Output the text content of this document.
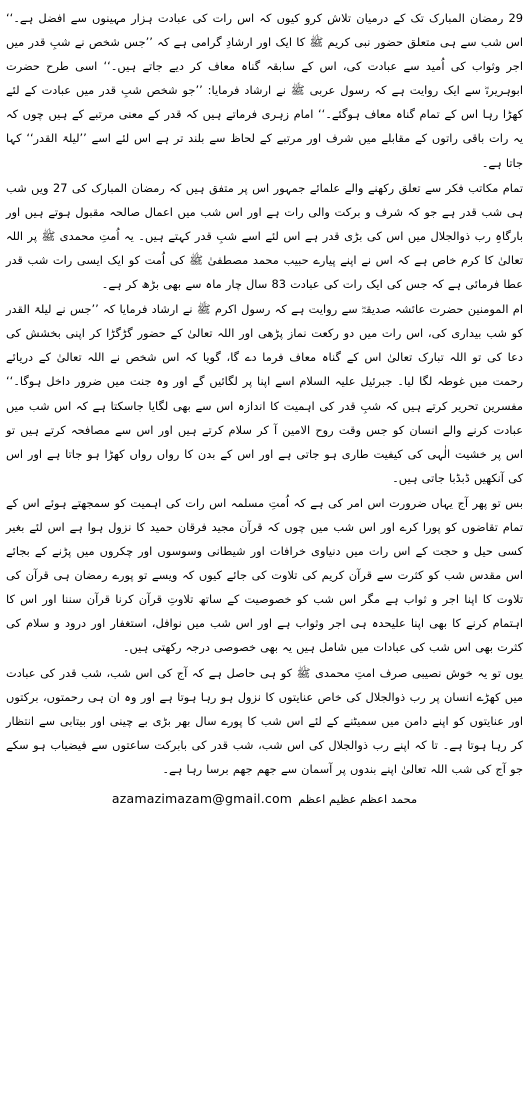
29 رمضان المبارک تک کے درمیان تلاش کرو کیوں کہ اس رات کی عبادت ہزار مہینوں سے افضل ہے۔‘‘ اس شب سے ہی متعلق حضور نبی کریم ﷺ کا ایک اور ارشادِ گرامی ہے کہ ’’جس شخص نے شبِ قدر میں اجر وثواب کی اُمید سے عبادت کی، اس کے سابقہ گناہ معاف کر دیے جاتے ہیں۔‘‘ اسی طرح حضرت ابوہریرہؓ سے ایک روایت ہے کہ رسول عربی ﷺ نے ارشاد فرمایا: ’’جو شخص شبِ قدر میں عبادت کے لئے کھڑا رہا اس کے تمام گناہ معاف ہوگئے۔‘‘ امام زہری فرماتے ہیں کہ قدر کے معنی مرتبے کے ہیں چوں کہ یہ رات باقی راتوں کے مقابلے میں شرف اور مرتبے کے لحاظ سے بلند تر ہے اس لئے اسے ’’لیلۃ القدر‘‘ کہا جاتا ہے۔

تمام مکاتب فکر سے تعلق رکھنے والے علمائے جمہور اس پر متفق ہیں کہ رمضان المبارک کی 27 ویں شب ہی شب قدر ہے جو کہ شرف و برکت والی رات ہے اور اس شب میں اعمال صالحہ مقبول ہوتے ہیں اور بارگاہِ رب ذوالجلال میں اس کی بڑی قدر ہے اس لئے اسے شبِ قدر کہتے ہیں۔ یہ اُمتِ محمدی ﷺ پر اللہ تعالیٰ کا کرم خاص ہے کہ اس نے اپنے پیارے حبیب محمد مصطفیٰ ﷺ کی اُمت کو ایک ایسی رات شب قدر عطا فرمائی ہے کہ جس کی ایک رات کی عبادت 83 سال چار ماہ سے بھی بڑھ کر ہے۔

ام المومنین حضرت عائشہ صدیقہؓ سے روایت ہے کہ رسول اکرم ﷺ نے ارشاد فرمایا کہ ’’جس نے لیلۃ القدر کو شب بیداری کی، اس رات میں دو رکعت نماز پڑھی اور اللہ تعالیٰ کے حضور گڑگڑا کر اپنی بخشش کی دعا کی تو اللہ تبارک تعالیٰ اس کے گناہ معاف فرما دے گا، گویا کہ اس شخص نے اللہ تعالیٰ کے دریائے رحمت میں غوطہ لگا لیا۔ جبرئیل علیہ السلام اسے اپنا پر لگائیں گے اور وہ جنت میں ضرور داخل ہوگا۔‘‘ مفسرین تحریر کرتے ہیں کہ شبِ قدر کی اہمیت کا اندازہ اس سے بھی لگایا جاسکتا ہے کہ اس شب میں عبادت کرنے والے انسان کو جس وقت روح الامین آ کر سلام کرتے ہیں اور اس سے مصافحہ کرتے ہیں تو اس پر خشیت الٰہی کی کیفیت طاری ہو جاتی ہے اور اس کے بدن کا رواں رواں کھڑا ہو جاتا ہے اور اس کی آنکھیں ڈبڈبا جاتی ہیں۔

بس تو پھر آج یہاں ضرورت اس امر کی ہے کہ اُمتِ مسلمہ اس رات کی اہمیت کو سمجھتے ہوئے اس کے تمام تقاضوں کو پورا کرے اور اس شب میں چوں کہ قرآن مجید فرقان حمید کا نزول ہوا ہے اس لئے بغیر کسی حیل و حجت کے اس رات میں دنیاوی خرافات اور شیطانی وسوسوں اور چکروں میں پڑنے کے بجائے اس مقدس شب کو کثرت سے قرآن کریم کی تلاوت کی جائے کیوں کہ ویسے تو پورے رمضان ہی قرآن کی تلاوت کا اپنا اجر و ثواب ہے مگر اس شب کو خصوصیت کے ساتھ تلاوتِ قرآن کرنا قرآن سننا اور اس کا اہتمام کرنے کا بھی اپنا علیحدہ ہی اجر وثواب ہے اور اس شب میں نوافل، استغفار اور درود و سلام کی کثرت بھی اس شب کی عبادات میں شامل ہیں یہ بھی خصوصی درجہ رکھتی ہیں۔

یوں تو یہ خوش نصیبی صرف امتِ محمدی ﷺ کو ہی حاصل ہے کہ آج کی اس شب، شب قدر کی عبادت میں کھڑے انسان پر رب ذوالجلال کی خاص عنایتوں کا نزول ہو رہا ہوتا ہے اور وہ ان ہی رحمتوں، برکتوں اور عنایتوں کو اپنے دامن میں سمیٹنے کے لئے اس شب کا پورے سال بھر بڑی بے چینی اور بیتابی سے انتظار کر رہا ہوتا ہے۔ تا کہ اپنے رب ذوالجلال کی اس شب، شب قدر کی بابرکت ساعتوں سے فیضیاب ہو سکے جو آج کی شب اللہ تعالیٰ اپنے بندوں پر آسمان سے جھم جھم برسا رہا ہے۔

azamazimazam@gmail.com محمد اعظم عظیم اعظم
